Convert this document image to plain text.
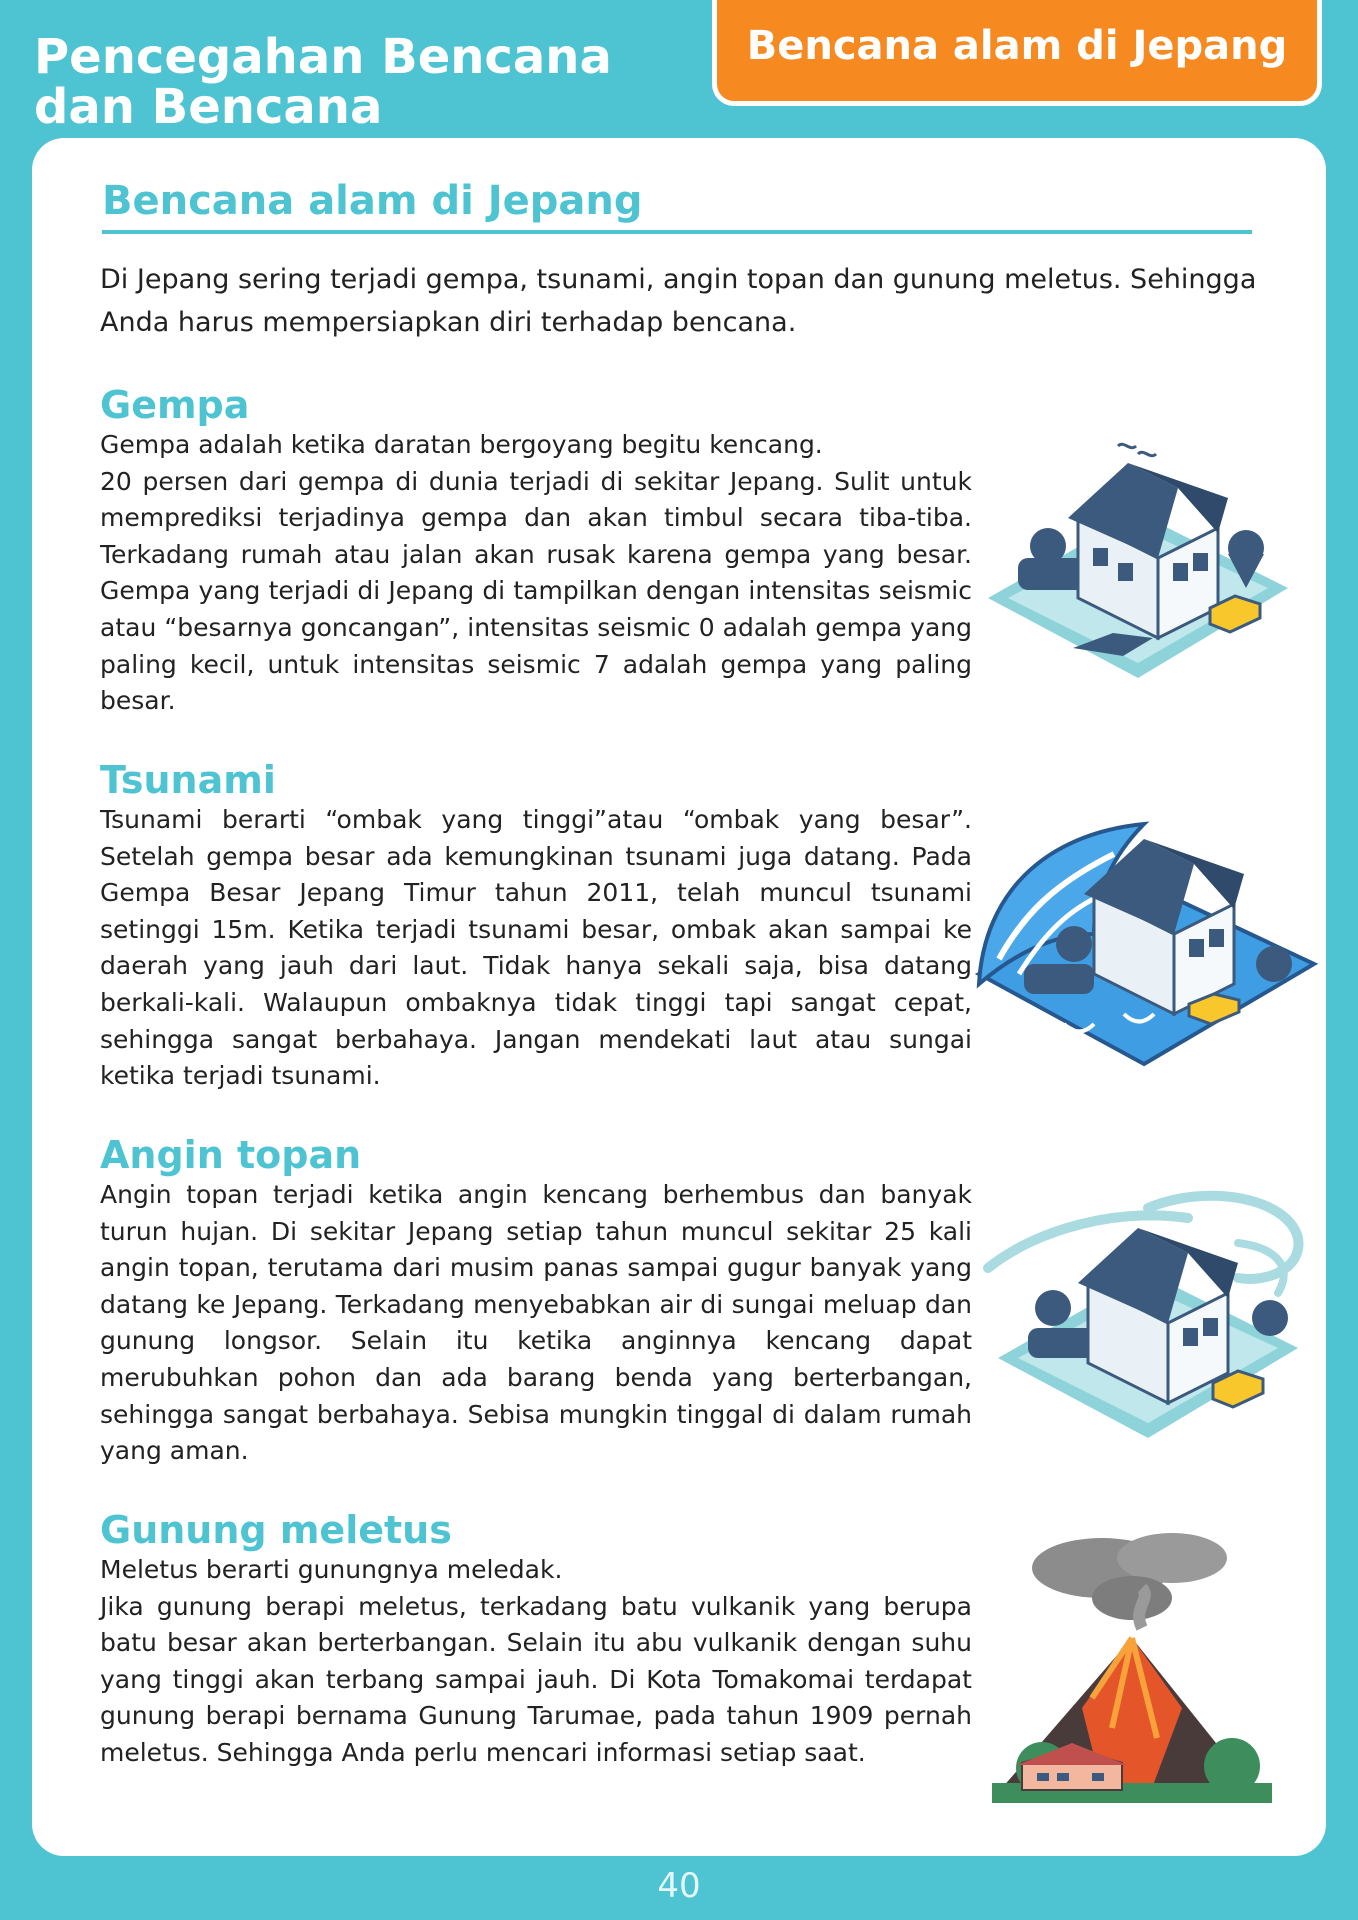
Pencegahan Bencana dan Bencana
Bencana alam di Jepang
Bencana alam di Jepang

Di Jepang sering terjadi gempa, tsunami, angin topan dan gunung meletus. Sehingga Anda harus mempersiapkan diri terhadap bencana.

Gempa

Gempa adalah ketika daratan bergoyang begitu kencang.
20 persen dari gempa di dunia terjadi di sekitar Jepang. Sulit untuk memprediksi terjadinya gempa dan akan timbul secara tiba-tiba. Terkadang rumah atau jalan akan rusak karena gempa yang besar. Gempa yang terjadi di Jepang di tampilkan dengan intensitas seismic atau “besarnya goncangan”, intensitas seismic 0 adalah gempa yang paling kecil, untuk intensitas seismic 7 adalah gempa yang paling besar.

Tsunami

Tsunami berarti “ombak yang tinggi”atau “ombak yang besar”. Setelah gempa besar ada kemungkinan tsunami juga datang. Pada Gempa Besar Jepang Timur tahun 2011, telah muncul tsunami setinggi 15m. Ketika terjadi tsunami besar, ombak akan sampai ke daerah yang jauh dari laut. Tidak hanya sekali saja, bisa datang berkali-kali. Walaupun ombaknya tidak tinggi tapi sangat cepat, sehingga sangat berbahaya. Jangan mendekati laut atau sungai ketika terjadi tsunami.

Angin topan

Angin topan terjadi ketika angin kencang berhembus dan banyak turun hujan. Di sekitar Jepang setiap tahun muncul sekitar 25 kali angin topan, terutama dari musim panas sampai gugur banyak yang datang ke Jepang. Terkadang menyebabkan air di sungai meluap dan gunung longsor. Selain itu ketika anginnya kencang dapat merubuhkan pohon dan ada barang benda yang berterbangan, sehingga sangat berbahaya. Sebisa mungkin tinggal di dalam rumah yang aman.

Gunung meletus

Meletus berarti gunungnya meledak.
Jika gunung berapi meletus, terkadang batu vulkanik yang berupa batu besar akan berterbangan. Selain itu abu vulkanik dengan suhu yang tinggi akan terbang sampai jauh. Di Kota Tomakomai terdapat gunung berapi bernama Gunung Tarumae, pada tahun 1909 pernah meletus. Sehingga Anda perlu mencari informasi setiap saat.

40
